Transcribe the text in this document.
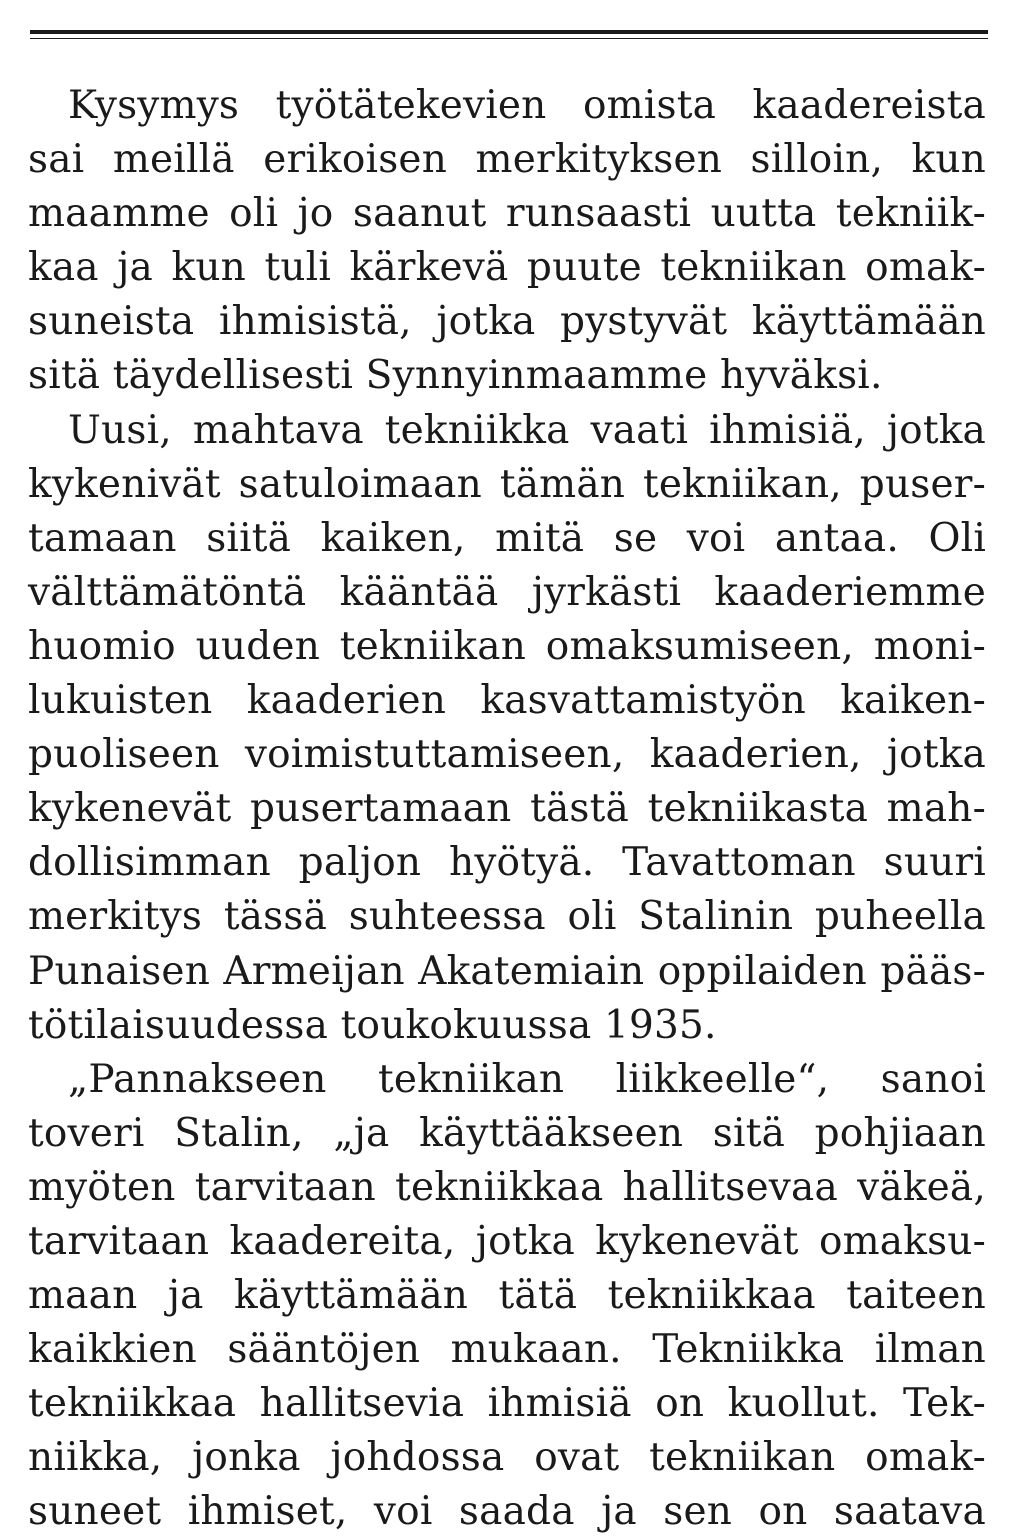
Kysymys työtätekevien omista kaadereista
sai meillä erikoisen merkityksen silloin, kun
maamme oli jo saanut runsaasti uutta tekniik-
kaa ja kun tuli kärkevä puute tekniikan omak-
suneista ihmisistä, jotka pystyvät käyttämään
sitä täydellisesti Synnyinmaamme hyväksi.
Uusi, mahtava tekniikka vaati ihmisiä, jotka
kykenivät satuloimaan tämän tekniikan, puser-
tamaan siitä kaiken, mitä se voi antaa. Oli
välttämätöntä kääntää jyrkästi kaaderiemme
huomio uuden tekniikan omaksumiseen, moni-
lukuisten kaaderien kasvattamistyön kaiken-
puoliseen voimistuttamiseen, kaaderien, jotka
kykenevät pusertamaan tästä tekniikasta mah-
dollisimman paljon hyötyä. Tavattoman suuri
merkitys tässä suhteessa oli Stalinin puheella
Punaisen Armeijan Akatemiain oppilaiden pääs-
tötilaisuudessa toukokuussa 1935.
„Pannakseen tekniikan liikkeelle“, sanoi
toveri Stalin, „ja käyttääkseen sitä pohjiaan
myöten tarvitaan tekniikkaa hallitsevaa väkeä,
tarvitaan kaadereita, jotka kykenevät omaksu-
maan ja käyttämään tätä tekniikkaa taiteen
kaikkien sääntöjen mukaan. Tekniikka ilman
tekniikkaa hallitsevia ihmisiä on kuollut. Tek-
niikka, jonka johdossa ovat tekniikan omak-
suneet ihmiset, voi saada ja sen on saatava
